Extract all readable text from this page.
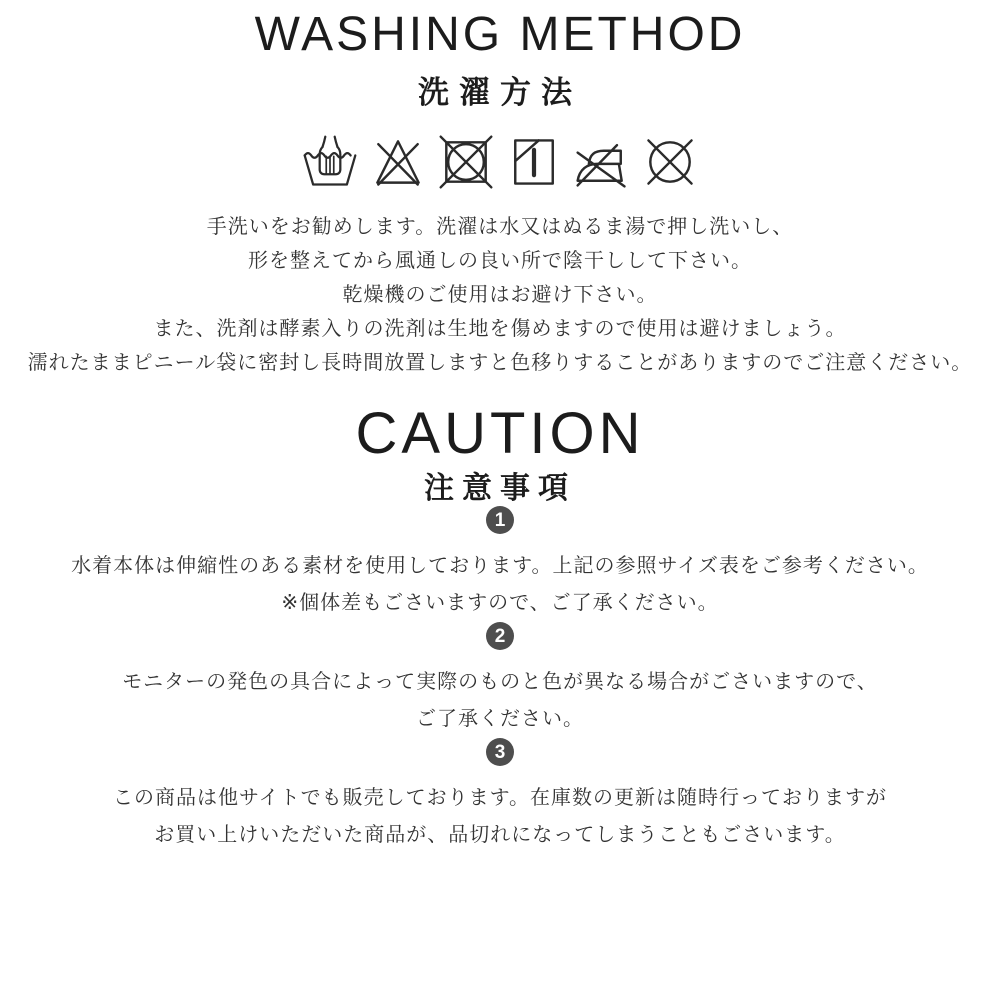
WASHING METHOD
洗濯方法
手洗いをお勧めします。洗濯は水又はぬるま湯で押し洗いし、
形を整えてから風通しの良い所で陰干しして下さい。
乾燥機のご使用はお避け下さい。
また、洗剤は酵素入りの洗剤は生地を傷めますので使用は避けましょう。
濡れたままピニール袋に密封し長時間放置しますと色移りすることがありますのでご注意ください。
CAUTION
注意事項
1
水着本体は伸縮性のある素材を使用しております。上記の参照サイズ表をご参考ください。
※個体差もごさいますので、ご了承ください。
2
モニターの発色の具合によって実際のものと色が異なる場合がごさいますので、
ご了承ください。
3
この商品は他サイトでも販売しております。在庫数の更新は随時行っておりますが
お買い上けいただいた商品が、品切れになってしまうこともごさいます。
